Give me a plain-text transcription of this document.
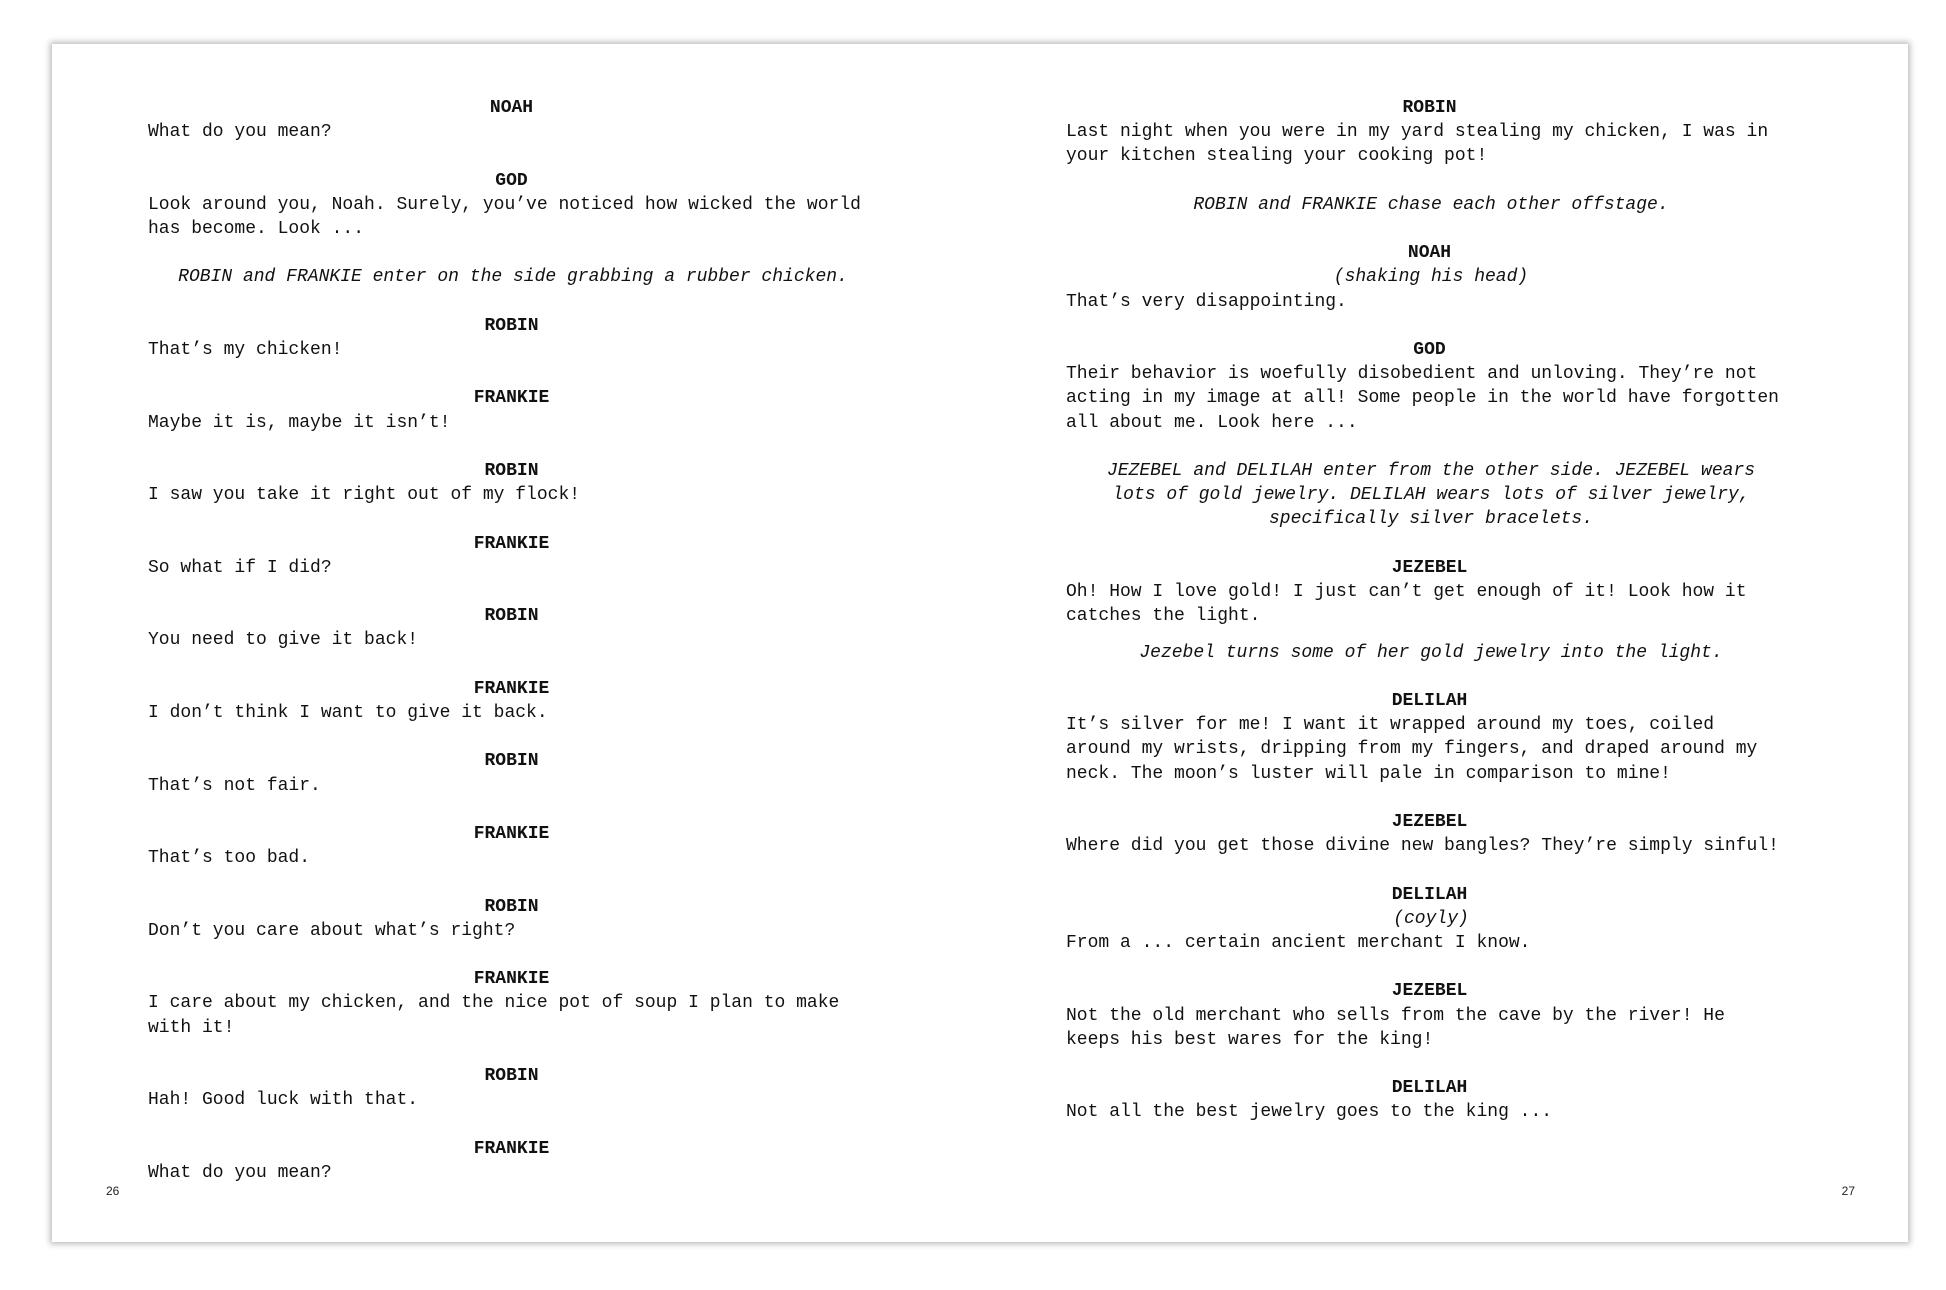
NOAH
What do you mean?
GOD
Look around you, Noah. Surely, you’ve noticed how wicked the world
has become. Look ...
ROBIN and FRANKIE enter on the side grabbing a rubber chicken.
ROBIN
That’s my chicken!
FRANKIE
Maybe it is, maybe it isn’t!
ROBIN
I saw you take it right out of my flock!
FRANKIE
So what if I did?
ROBIN
You need to give it back!
FRANKIE
I don’t think I want to give it back.
ROBIN
That’s not fair.
FRANKIE
That’s too bad.
ROBIN
Don’t you care about what’s right?
FRANKIE
I care about my chicken, and the nice pot of soup I plan to make
with it!
ROBIN
Hah! Good luck with that.
FRANKIE
What do you mean?
26
ROBIN
Last night when you were in my yard stealing my chicken, I was in
your kitchen stealing your cooking pot!
ROBIN and FRANKIE chase each other offstage.
NOAH
(shaking his head)
That’s very disappointing.
GOD
Their behavior is woefully disobedient and unloving. They’re not
acting in my image at all! Some people in the world have forgotten
all about me. Look here ...
JEZEBEL and DELILAH enter from the other side. JEZEBEL wears
lots of gold jewelry. DELILAH wears lots of silver jewelry,
specifically silver bracelets.
JEZEBEL
Oh! How I love gold! I just can’t get enough of it! Look how it
catches the light.
Jezebel turns some of her gold jewelry into the light.
DELILAH
It’s silver for me! I want it wrapped around my toes, coiled
around my wrists, dripping from my fingers, and draped around my
neck. The moon’s luster will pale in comparison to mine!
JEZEBEL
Where did you get those divine new bangles? They’re simply sinful!
DELILAH
(coyly)
From a ... certain ancient merchant I know.
JEZEBEL
Not the old merchant who sells from the cave by the river! He
keeps his best wares for the king!
DELILAH
Not all the best jewelry goes to the king ...
27
